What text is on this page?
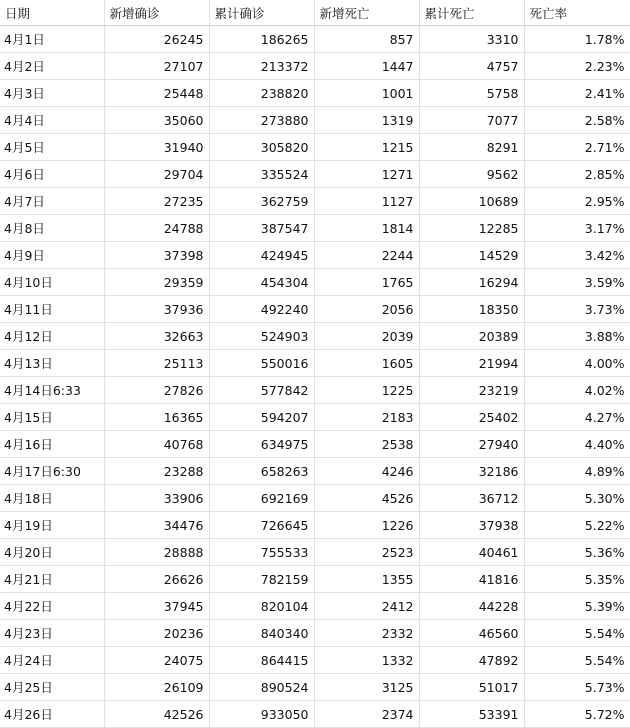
日期	新增确诊	累计确诊	新增死亡	累计死亡	死亡率
4月1日	26245	186265	857	3310	1.78%
4月2日	27107	213372	1447	4757	2.23%
4月3日	25448	238820	1001	5758	2.41%
4月4日	35060	273880	1319	7077	2.58%
4月5日	31940	305820	1215	8291	2.71%
4月6日	29704	335524	1271	9562	2.85%
4月7日	27235	362759	1127	10689	2.95%
4月8日	24788	387547	1814	12285	3.17%
4月9日	37398	424945	2244	14529	3.42%
4月10日	29359	454304	1765	16294	3.59%
4月11日	37936	492240	2056	18350	3.73%
4月12日	32663	524903	2039	20389	3.88%
4月13日	25113	550016	1605	21994	4.00%
4月14日6:33	27826	577842	1225	23219	4.02%
4月15日	16365	594207	2183	25402	4.27%
4月16日	40768	634975	2538	27940	4.40%
4月17日6:30	23288	658263	4246	32186	4.89%
4月18日	33906	692169	4526	36712	5.30%
4月19日	34476	726645	1226	37938	5.22%
4月20日	28888	755533	2523	40461	5.36%
4月21日	26626	782159	1355	41816	5.35%
4月22日	37945	820104	2412	44228	5.39%
4月23日	20236	840340	2332	46560	5.54%
4月24日	24075	864415	1332	47892	5.54%
4月25日	26109	890524	3125	51017	5.73%
4月26日	42526	933050	2374	53391	5.72%
